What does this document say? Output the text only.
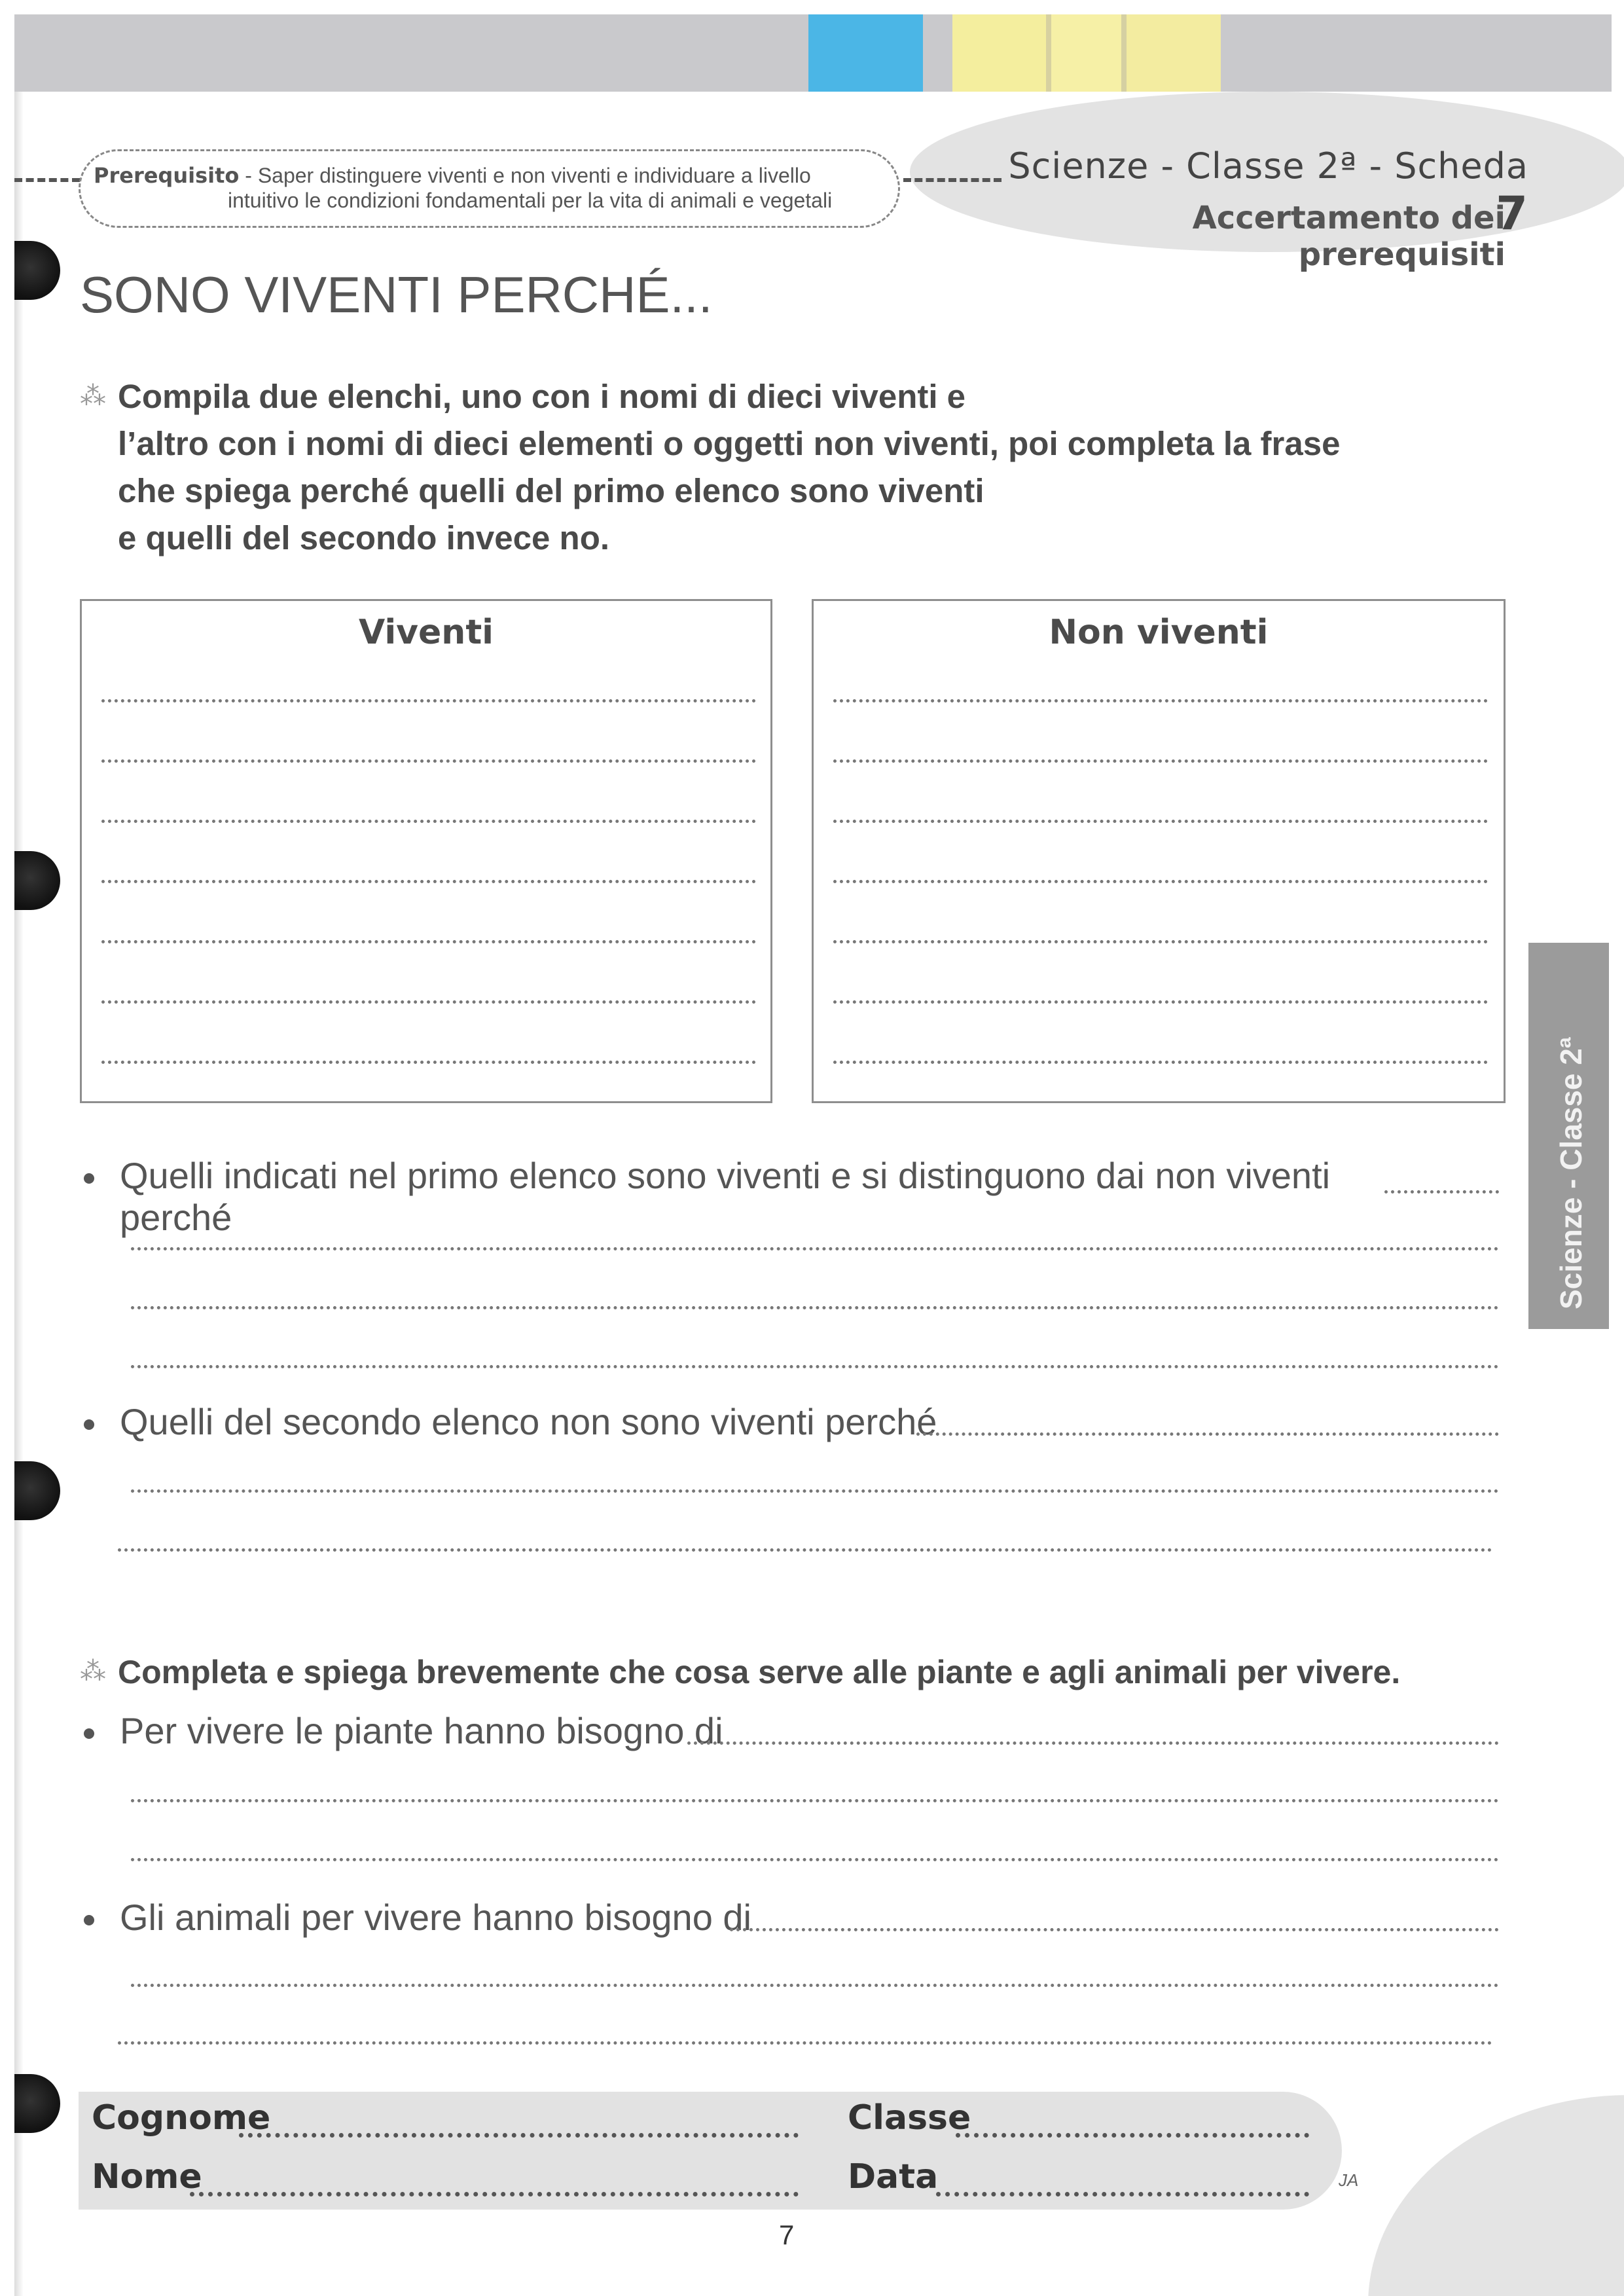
Prerequisito - Saper distinguere viventi e non viventi e individuare a livello
intuitivo le condizioni fondamentali per la vita di animali e vegetali
Scienze - Classe 2ª - Scheda 7
Accertamento dei prerequisiti
SONO VIVENTI PERCHÉ...
⁂ Compila due elenchi, uno con i nomi di dieci viventi e
l’altro con i nomi di dieci elementi o oggetti non viventi, poi completa la frase
che spiega perché quelli del primo elenco sono viventi
e quelli del secondo invece no.
Viventi	Non viventi
Quelli indicati nel primo elenco sono viventi e si distinguono dai non viventi perché
Quelli del secondo elenco non sono viventi perché
⁂ Completa e spiega brevemente che cosa serve alle piante e agli animali per vivere.
Per vivere le piante hanno bisogno di
Gli animali per vivere hanno bisogno di
Scienze - Classe 2ª
Cognome
Nome
Classe
Data	JA
7
